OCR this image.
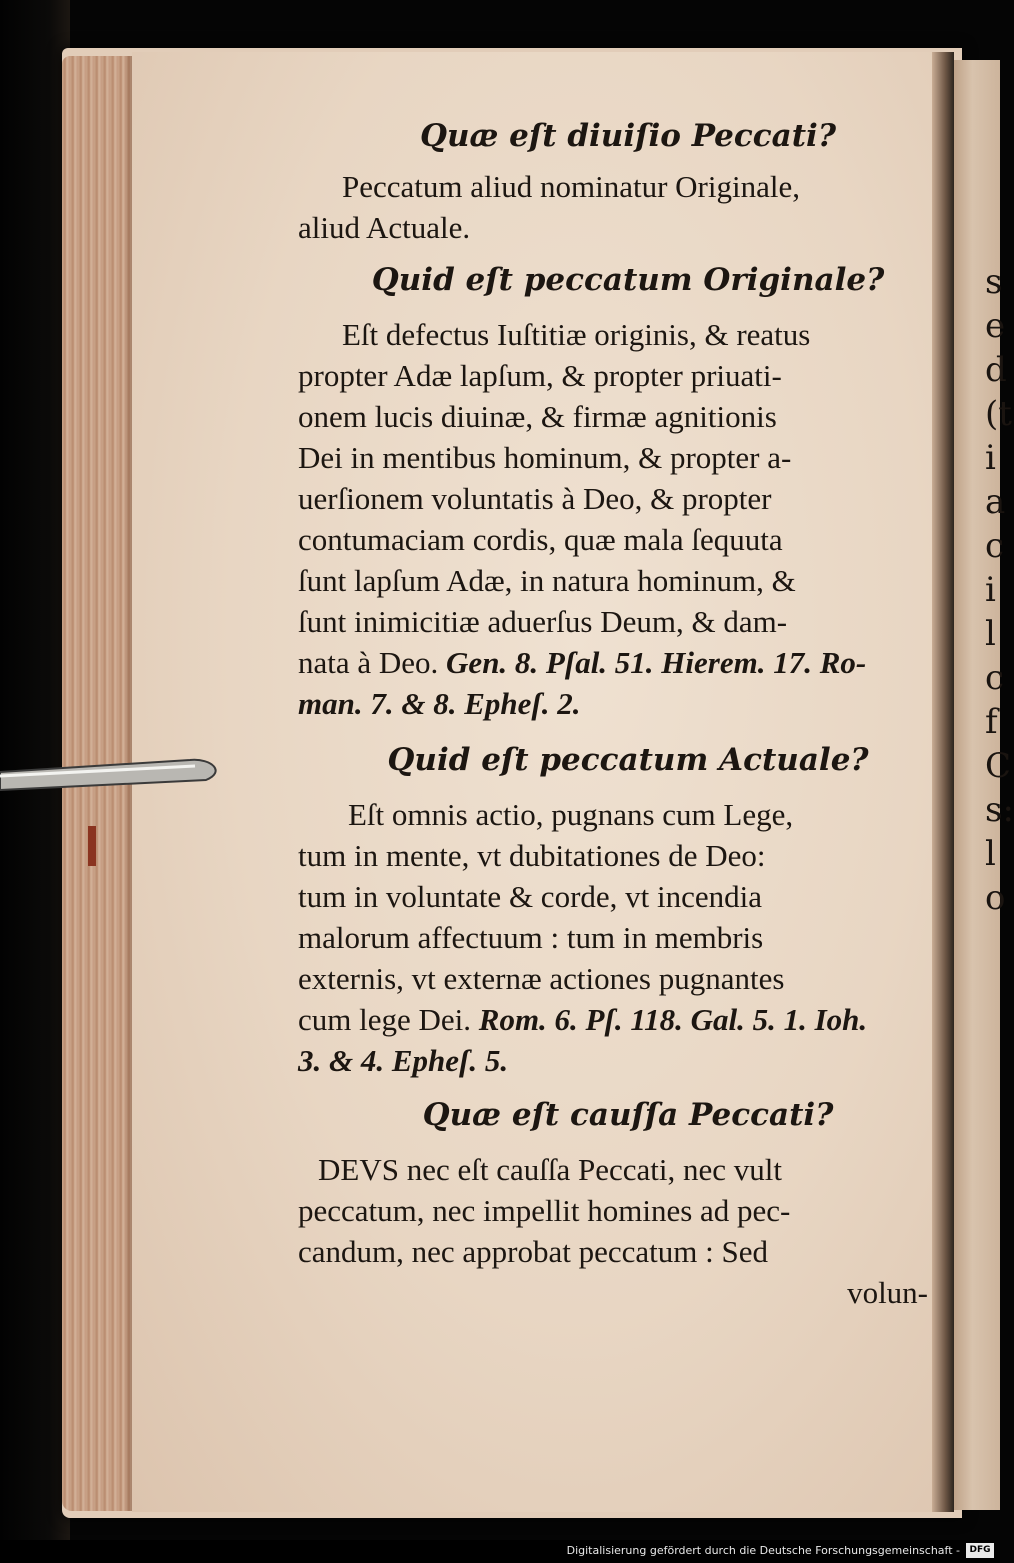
se d(t ia c i l c f C s: l o
Quæ eſt diuiſio Peccati?

Peccatum aliud nominatur Originale,
aliud Actuale.

Quid eſt peccatum Originale?

Eſt defectus Iuſtitiæ originis, & reatus
propter Adæ lapſum, & propter priuati-
onem lucis diuinæ, & firmæ agnitionis
Dei in mentibus hominum, & propter a-
uerſionem voluntatis à Deo, & propter
contumaciam cordis, quæ mala ſequuta
ſunt lapſum Adæ, in natura hominum, &
ſunt inimicitiæ aduerſus Deum, & dam-
nata à Deo. Gen. 8. Pſal. 51. Hierem. 17. Ro-
man. 7. & 8. Epheſ. 2.

Quid eſt peccatum Actuale?

Eſt omnis actio, pugnans cum Lege,
tum in mente, vt dubitationes de Deo:
tum in voluntate & corde, vt incendia
malorum affectuum : tum in membris
externis, vt externæ actiones pugnantes
cum lege Dei. Rom. 6. Pſ. 118. Gal. 5. 1. Ioh.
3. & 4. Epheſ. 5.

Quæ eſt cauſſa Peccati?

DEVS nec eſt cauſſa Peccati, nec vult
peccatum, nec impellit homines ad pec-
candum, nec approbat peccatum : Sed
volun-

Digitalisierung gefördert durch die Deutsche Forschungsgemeinschaft -	DFG
